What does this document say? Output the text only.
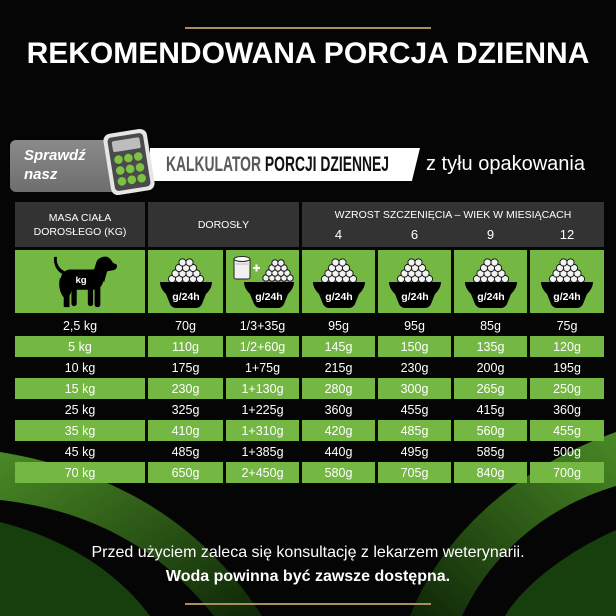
REKOMENDOWANA PORCJA DZIENNA
Sprawdź
nasz	KALKULATOR PORCJI DZIENNEJ z tyłu opakowania
MASA CIAŁA
DOROSŁEGO (KG)
DOROSŁY
WZROST SZCZENIĘCIA – WIEK W MIESIĄCACH
4	6	9	12
kg
g/24h	g/24h	g/24h	g/24h	g/24h	g/24h
2,5 kg	70g	1/3+35g	95g	95g	85g	75g
5 kg	110g	1/2+60g	145g	150g	135g	120g
10 kg	175g	1+75g	215g	230g	200g	195g
15 kg	230g	1+130g	280g	300g	265g	250g
25 kg	325g	1+225g	360g	455g	415g	360g
35 kg	410g	1+310g	420g	485g	560g	455g
45 kg	485g	1+385g	440g	495g	585g	500g
70 kg	650g	2+450g	580g	705g	840g	700g
Przed użyciem zaleca się konsultację z lekarzem weterynarii.
Woda powinna być zawsze dostępna.
